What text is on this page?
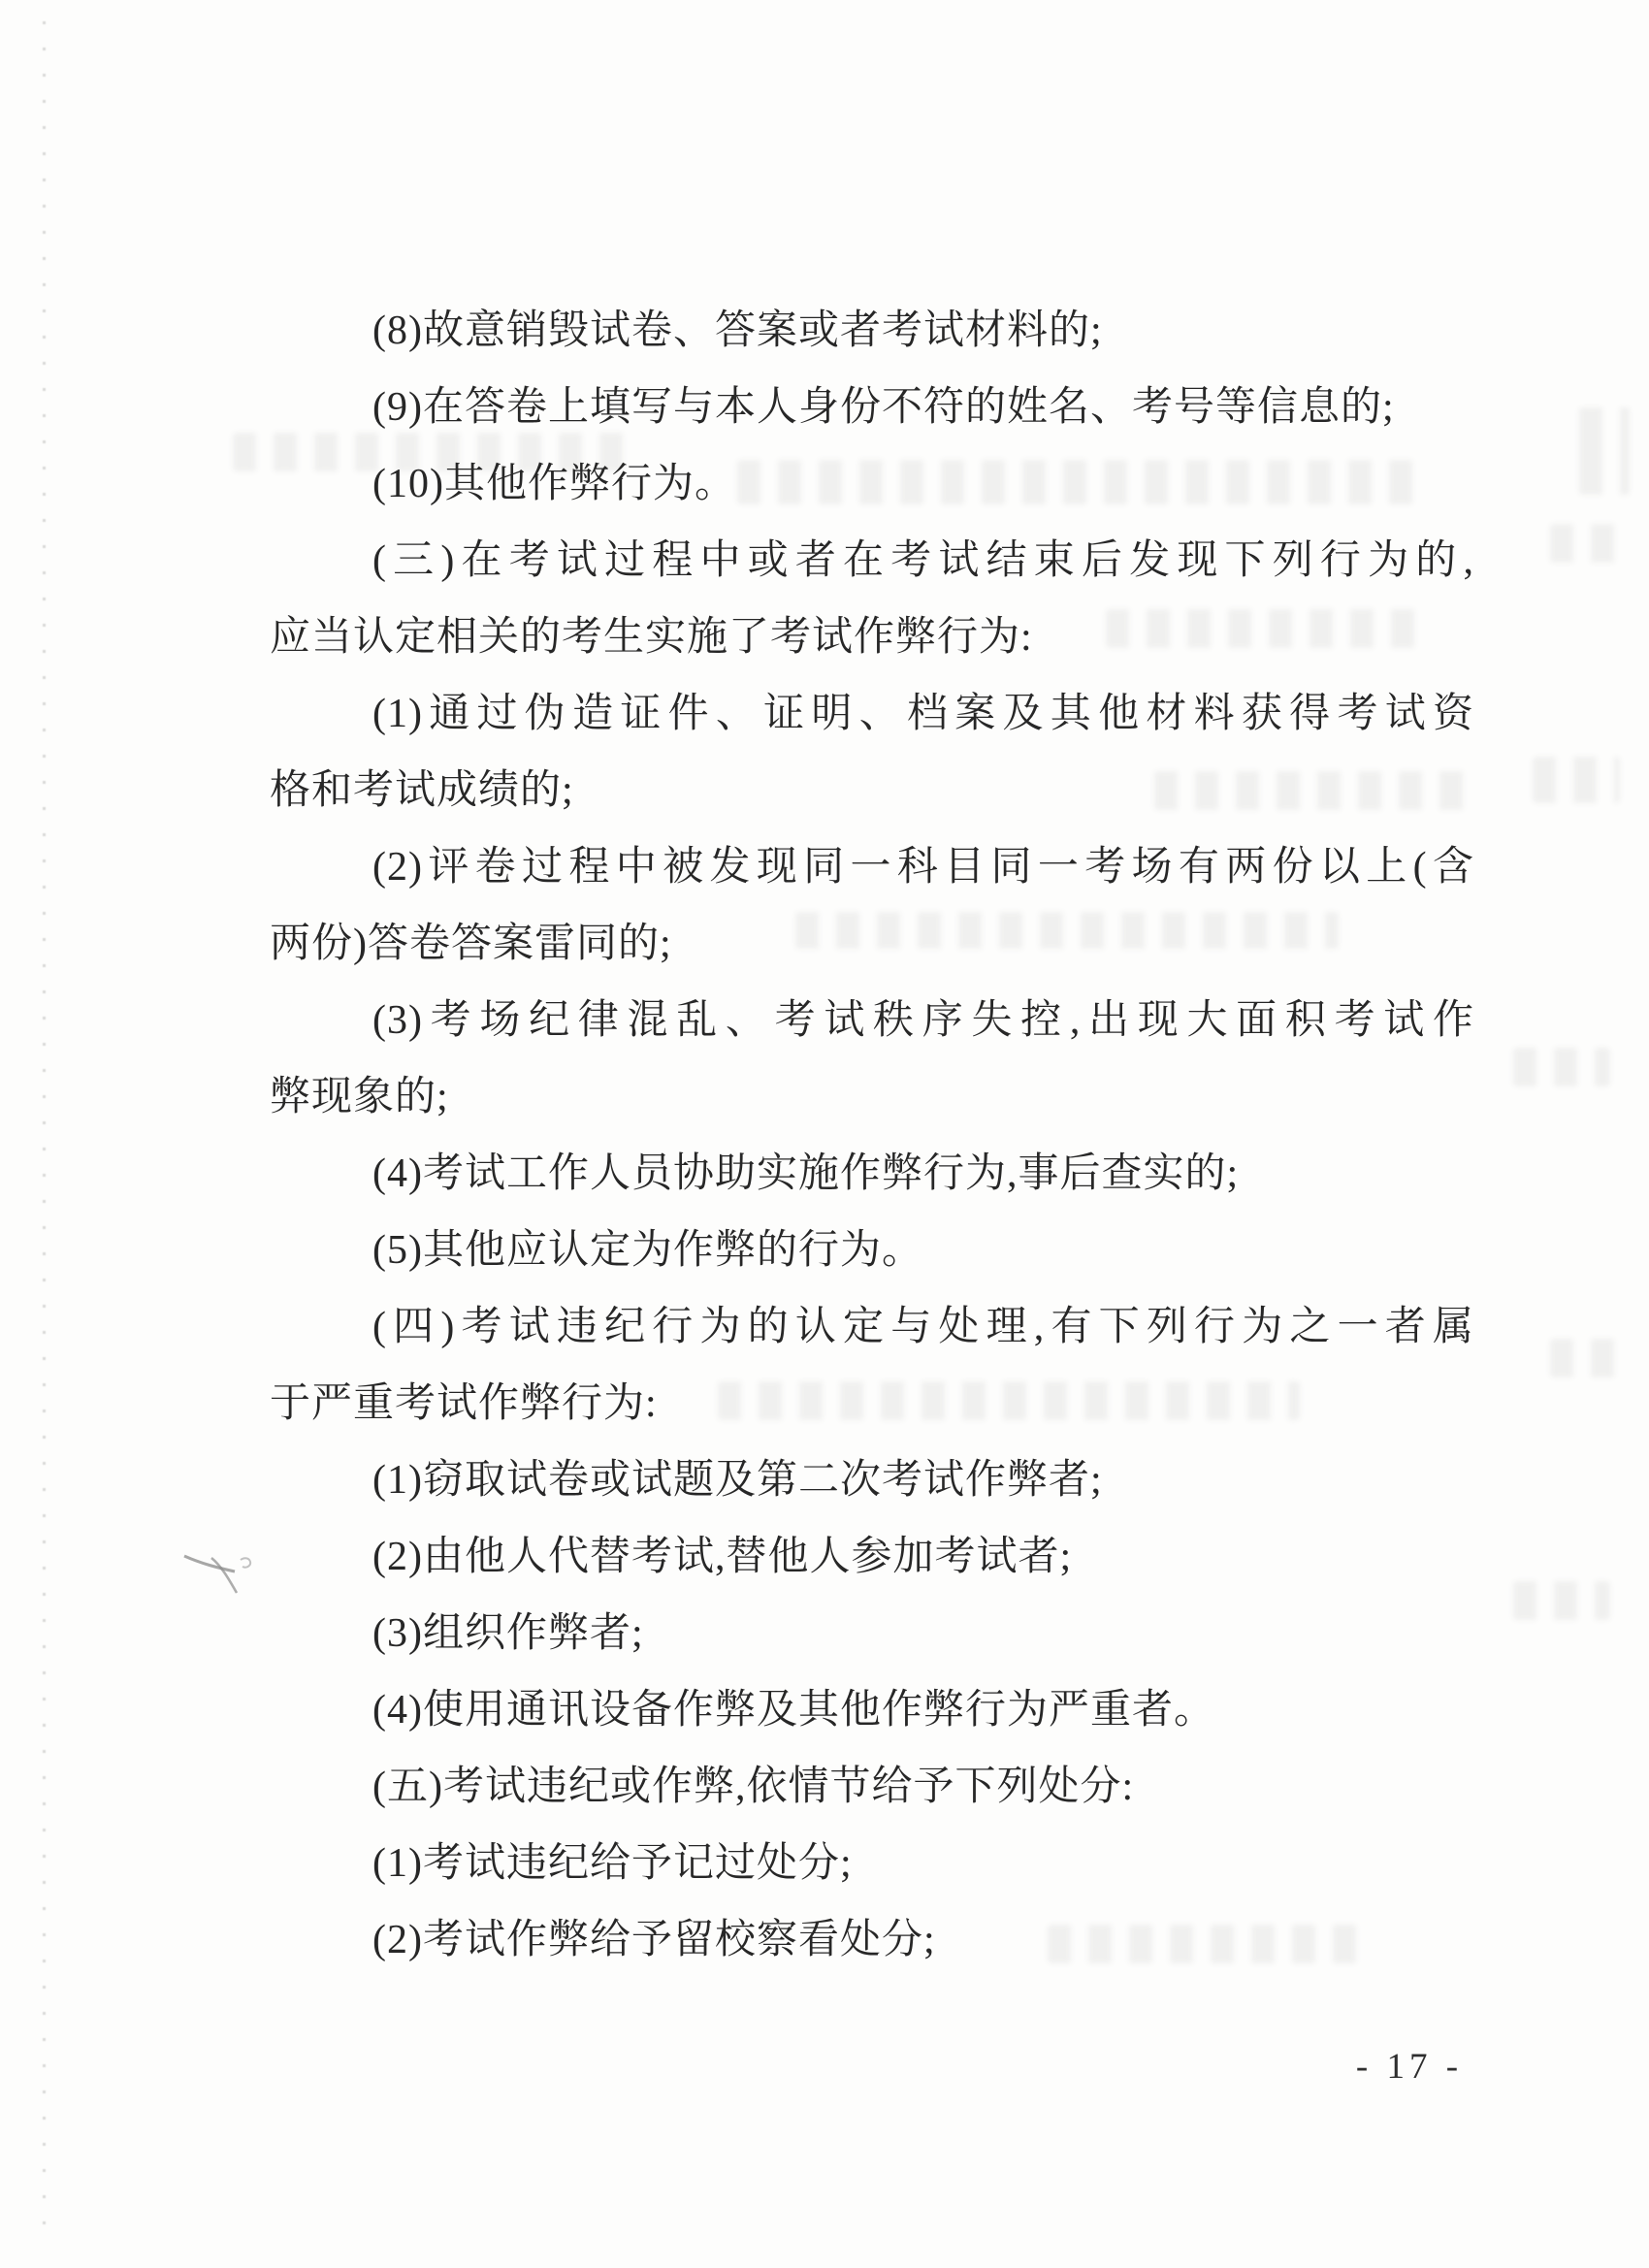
(8)故意销毁试卷、答案或者考试材料的;
(9)在答卷上填写与本人身份不符的姓名、考号等信息的;
(10)其他作弊行为。
(三)在考试过程中或者在考试结束后发现下列行为的,
应当认定相关的考生实施了考试作弊行为:
(1)通过伪造证件、证明、档案及其他材料获得考试资
格和考试成绩的;
(2)评卷过程中被发现同一科目同一考场有两份以上(含
两份)答卷答案雷同的;
(3)考场纪律混乱、考试秩序失控,出现大面积考试作
弊现象的;
(4)考试工作人员协助实施作弊行为,事后查实的;
(5)其他应认定为作弊的行为。
(四)考试违纪行为的认定与处理,有下列行为之一者属
于严重考试作弊行为:
(1)窃取试卷或试题及第二次考试作弊者;
(2)由他人代替考试,替他人参加考试者;
(3)组织作弊者;
(4)使用通讯设备作弊及其他作弊行为严重者。
(五)考试违纪或作弊,依情节给予下列处分:
(1)考试违纪给予记过处分;
(2)考试作弊给予留校察看处分;
- 17 -
